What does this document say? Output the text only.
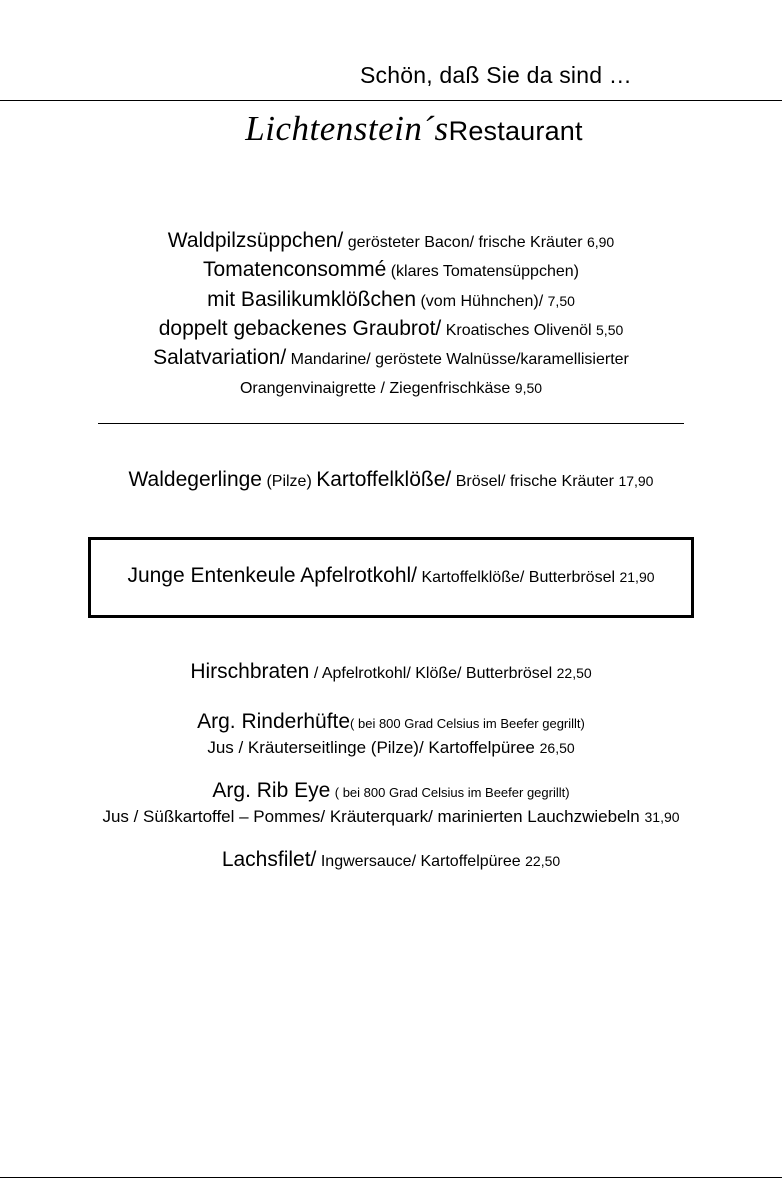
Schön, daß Sie da sind …
Lichtenstein´sRestaurant
Waldpilzsüppchen/ gerösteter Bacon/ frische Kräuter 6,90
Tomatenconsommé (klares Tomatensüppchen)
mit Basilikumklößchen (vom Hühnchen)/ 7,50
doppelt gebackenes Graubrot/ Kroatisches Olivenöl 5,50
Salatvariation/ Mandarine/ geröstete Walnüsse/karamellisierter
Orangenvinaigrette / Ziegenfrischkäse 9,50
Waldegerlinge (Pilze) Kartoffelklöße/ Brösel/ frische Kräuter 17,90
Junge Entenkeule Apfelrotkohl/ Kartoffelklöße/ Butterbrösel 21,90
Hirschbraten / Apfelrotkohl/ Klöße/ Butterbrösel 22,50
Arg. Rinderhüfte( bei 800 Grad Celsius im Beefer gegrillt)
Jus / Kräuterseitlinge (Pilze)/ Kartoffelpüree 26,50
Arg. Rib Eye ( bei 800 Grad Celsius im Beefer gegrillt)
Jus / Süßkartoffel – Pommes/ Kräuterquark/ marinierten Lauchzwiebeln 31,90
Lachsfilet/ Ingwersauce/ Kartoffelpüree 22,50
